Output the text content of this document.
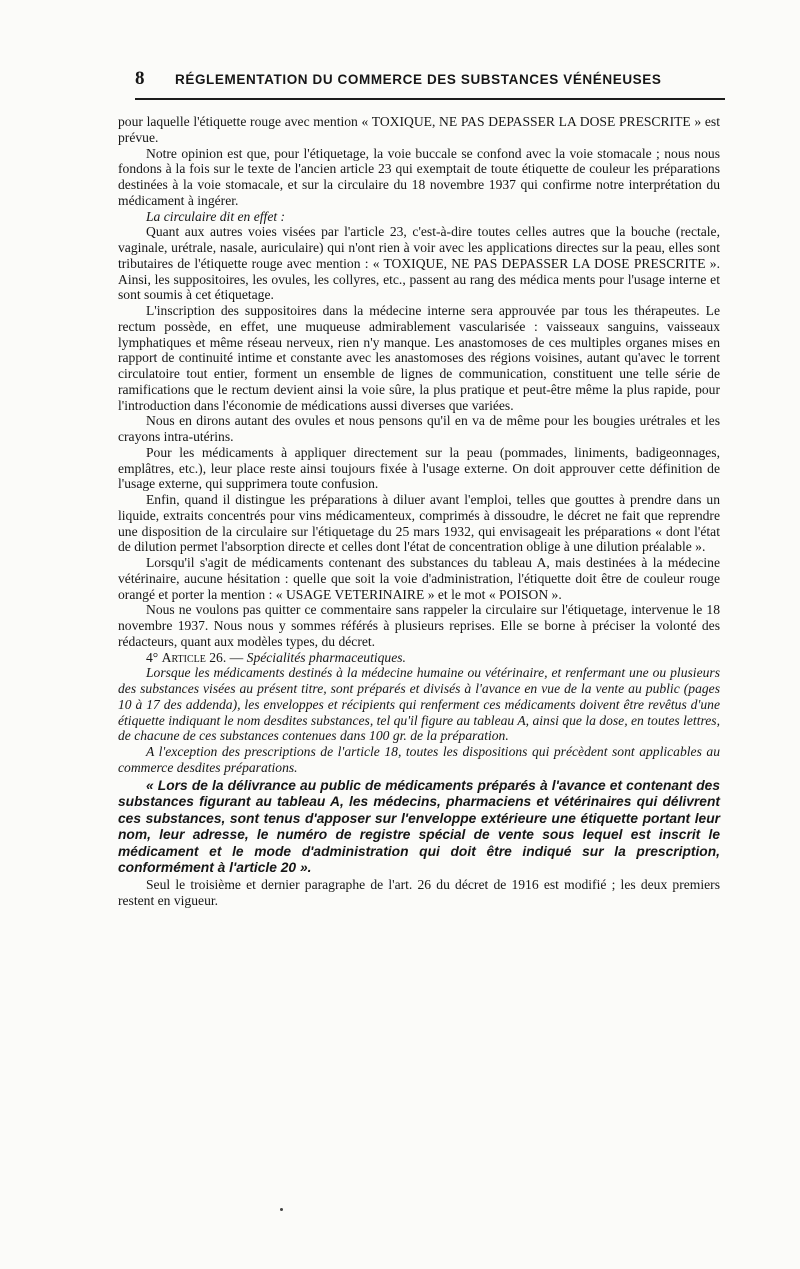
8	RÉGLEMENTATION DU COMMERCE DES SUBSTANCES VÉNÉNEUSES

pour laquelle l'étiquette rouge avec mention « TOXIQUE, NE PAS DEPASSER LA DOSE PRESCRITE » est prévue.

Notre opinion est que, pour l'étiquetage, la voie buccale se confond avec la voie stomacale ; nous nous fondons à la fois sur le texte de l'ancien article 23 qui exemptait de toute étiquette de couleur les préparations destinées à la voie stomacale, et sur la circulaire du 18 novembre 1937 qui confirme notre interprétation du médicament à ingérer.

La circulaire dit en effet :

Quant aux autres voies visées par l'article 23, c'est-à-dire toutes celles autres que la bouche (rectale, vaginale, urétrale, nasale, auriculaire) qui n'ont rien à voir avec les applications directes sur la peau, elles sont tributaires de l'étiquette rouge avec mention : « TOXIQUE, NE PAS DEPASSER LA DOSE PRESCRITE ». Ainsi, les suppositoires, les ovules, les collyres, etc., passent au rang des médica ments pour l'usage interne et sont soumis à cet étiquetage.

L'inscription des suppositoires dans la médecine interne sera approuvée par tous les thérapeutes. Le rectum possède, en effet, une muqueuse admirablement vascularisée : vaisseaux sanguins, vaisseaux lymphatiques et même réseau nerveux, rien n'y manque. Les anastomoses de ces multiples organes mises en rapport de continuité intime et constante avec les anastomoses des régions voisines, autant qu'avec le torrent circulatoire tout entier, forment un ensemble de lignes de communication, constituent une telle série de ramifications que le rectum devient ainsi la voie sûre, la plus pratique et peut-être même la plus rapide, pour l'introduction dans l'économie de médications aussi diverses que variées.

Nous en dirons autant des ovules et nous pensons qu'il en va de même pour les bougies urétrales et les crayons intra-utérins.

Pour les médicaments à appliquer directement sur la peau (pommades, liniments, badigeonnages, emplâtres, etc.), leur place reste ainsi toujours fixée à l'usage externe. On doit approuver cette définition de l'usage externe, qui supprimera toute confusion.

Enfin, quand il distingue les préparations à diluer avant l'emploi, telles que gouttes à prendre dans un liquide, extraits concentrés pour vins médicamenteux, comprimés à dissoudre, le décret ne fait que reprendre une disposition de la circulaire sur l'étiquetage du 25 mars 1932, qui envisageait les préparations « dont l'état de dilution permet l'absorption directe et celles dont l'état de concentration oblige à une dilution préalable ».

Lorsqu'il s'agit de médicaments contenant des substances du tableau A, mais destinées à la médecine vétérinaire, aucune hésitation : quelle que soit la voie d'administration, l'étiquette doit être de couleur rouge orangé et porter la mention : « USAGE VETERINAIRE » et le mot « POISON ».

Nous ne voulons pas quitter ce commentaire sans rappeler la circulaire sur l'étiquetage, intervenue le 18 novembre 1937. Nous nous y sommes référés à plusieurs reprises. Elle se borne à préciser la volonté des rédacteurs, quant aux modèles types, du décret.

4° Article 26. — Spécialités pharmaceutiques.

Lorsque les médicaments destinés à la médecine humaine ou vétérinaire, et renfermant une ou plusieurs des substances visées au présent titre, sont préparés et divisés à l'avance en vue de la vente au public (pages 10 à 17 des addenda), les enveloppes et récipients qui renferment ces médicaments doivent être revêtus d'une étiquette indiquant le nom desdites substances, tel qu'il figure au tableau A, ainsi que la dose, en toutes lettres, de chacune de ces substances contenues dans 100 gr. de la préparation.

A l'exception des prescriptions de l'article 18, toutes les dispositions qui précèdent sont applicables au commerce desdites préparations.

« Lors de la délivrance au public de médicaments préparés à l'avance et contenant des substances figurant au tableau A, les médecins, pharmaciens et vétérinaires qui délivrent ces substances, sont tenus d'apposer sur l'enveloppe extérieure une étiquette portant leur nom, leur adresse, le numéro de registre spécial de vente sous lequel est inscrit le médicament et le mode d'administration qui doit être indiqué sur la prescription, conformément à l'article 20 ».

Seul le troisième et dernier paragraphe de l'art. 26 du décret de 1916 est modifié ; les deux premiers restent en vigueur.
